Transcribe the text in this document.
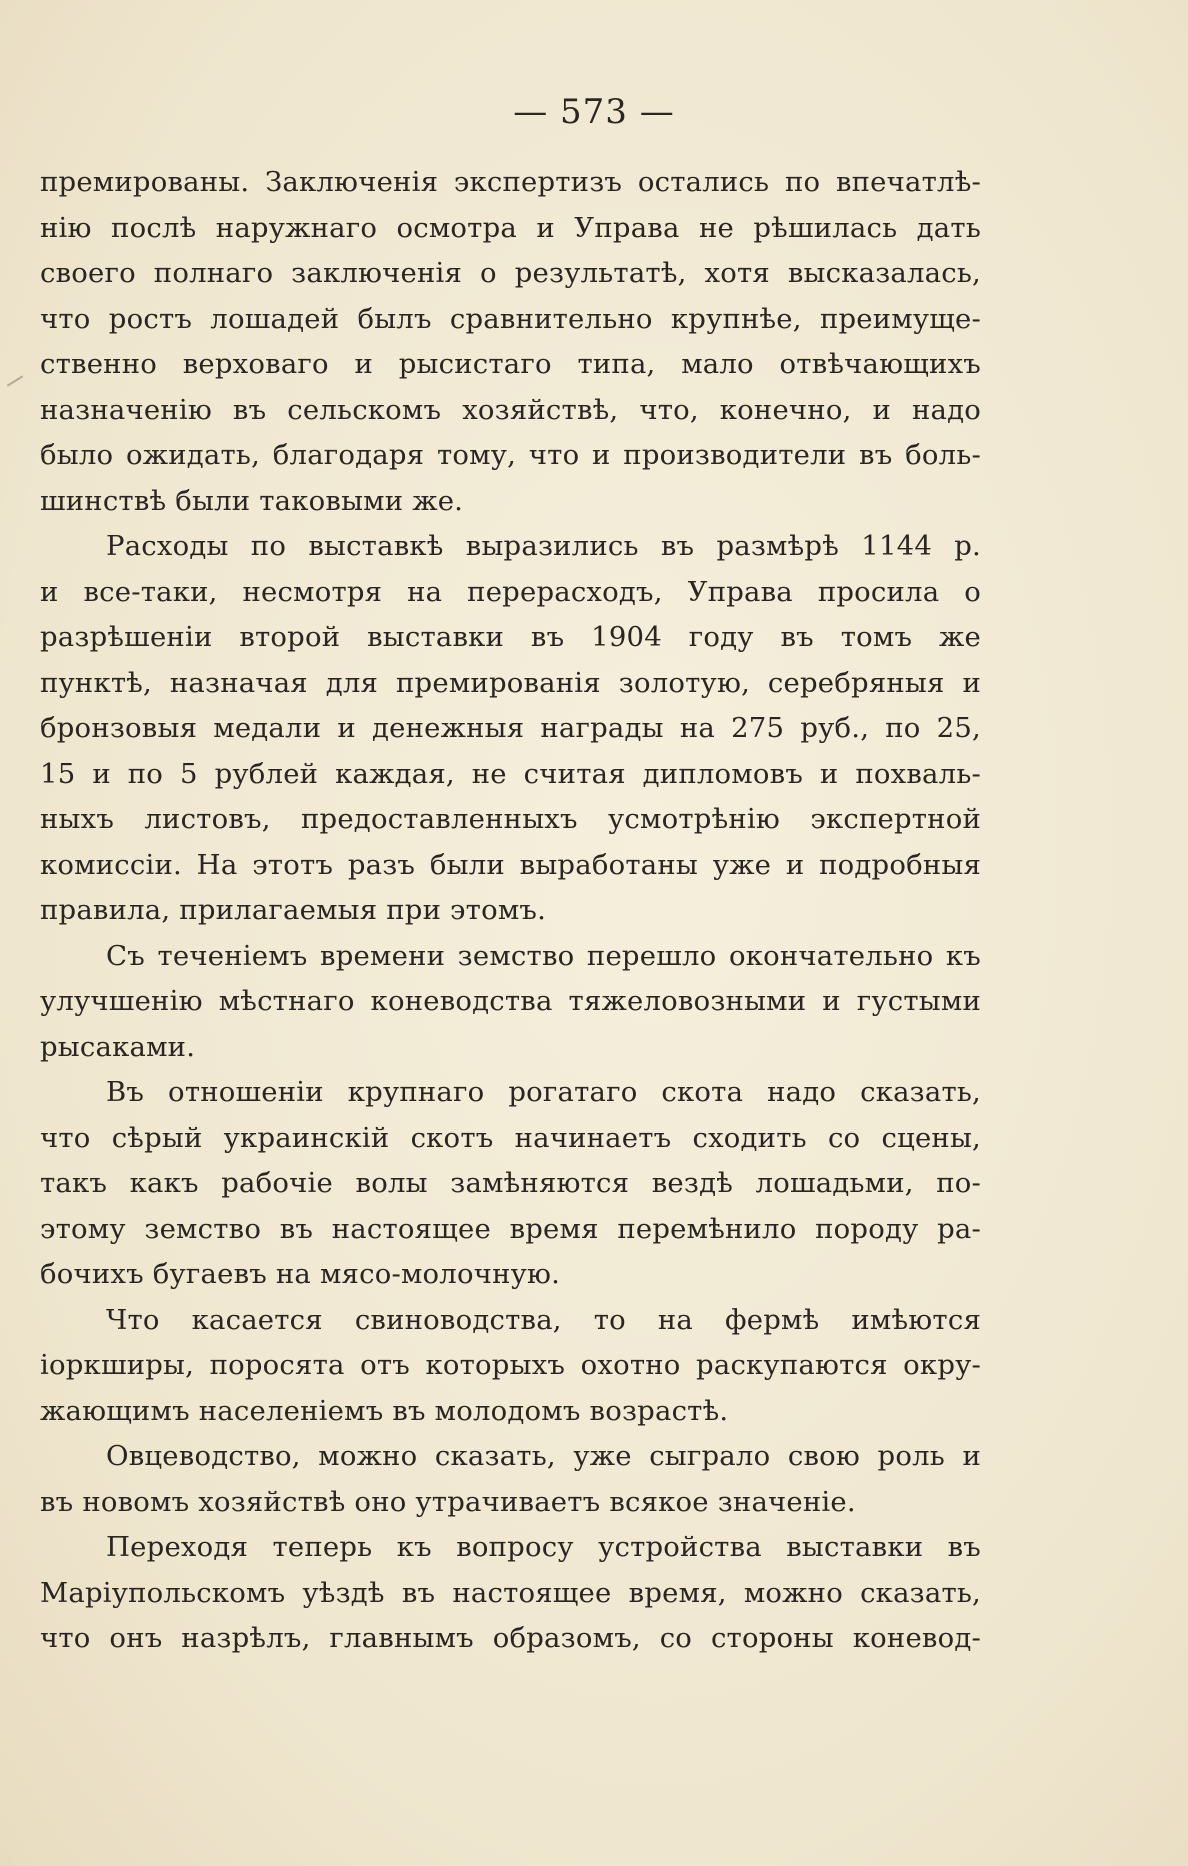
— 573 —
премированы. Заключенія экспертизъ остались по впечатлѣ-
нію послѣ наружнаго осмотра и Управа не рѣшилась дать
своего полнаго заключенія о результатѣ, хотя высказалась,
что ростъ лошадей былъ сравнительно крупнѣе, преимуще-
ственно верховаго и рысистаго типа, мало отвѣчающихъ
назначенію въ сельскомъ хозяйствѣ, что, конечно, и надо
было ожидать, благодаря тому, что и производители въ боль-
шинствѣ были таковыми же.
Расходы по выставкѣ выразились въ размѣрѣ 1144 р.
и все-таки, несмотря на перерасходъ, Управа просила о
разрѣшеніи второй выставки въ 1904 году въ томъ же
пунктѣ, назначая для премированія золотую, серебряныя и
бронзовыя медали и денежныя награды на 275 руб., по 25,
15 и по 5 рублей каждая, не считая дипломовъ и похваль-
ныхъ листовъ, предоставленныхъ усмотрѣнію экспертной
комиссіи. На этотъ разъ были выработаны уже и подробныя
правила, прилагаемыя при этомъ.
Съ теченіемъ времени земство перешло окончательно къ
улучшенію мѣстнаго коневодства тяжеловозными и густыми
рысаками.
Въ отношеніи крупнаго рогатаго скота надо сказать,
что сѣрый украинскій скотъ начинаетъ сходить со сцены,
такъ какъ рабочіе волы замѣняются вездѣ лошадьми, по-
этому земство въ настоящее время перемѣнило породу ра-
бочихъ бугаевъ на мясо-молочную.
Что касается свиноводства, то на фермѣ имѣются
іоркширы, поросята отъ которыхъ охотно раскупаются окру-
жающимъ населеніемъ въ молодомъ возрастѣ.
Овцеводство, можно сказать, уже сыграло свою роль и
въ новомъ хозяйствѣ оно утрачиваетъ всякое значеніе.
Переходя теперь къ вопросу устройства выставки въ
Маріупольскомъ уѣздѣ въ настоящее время, можно сказать,
что онъ назрѣлъ, главнымъ образомъ, со стороны коневод-
